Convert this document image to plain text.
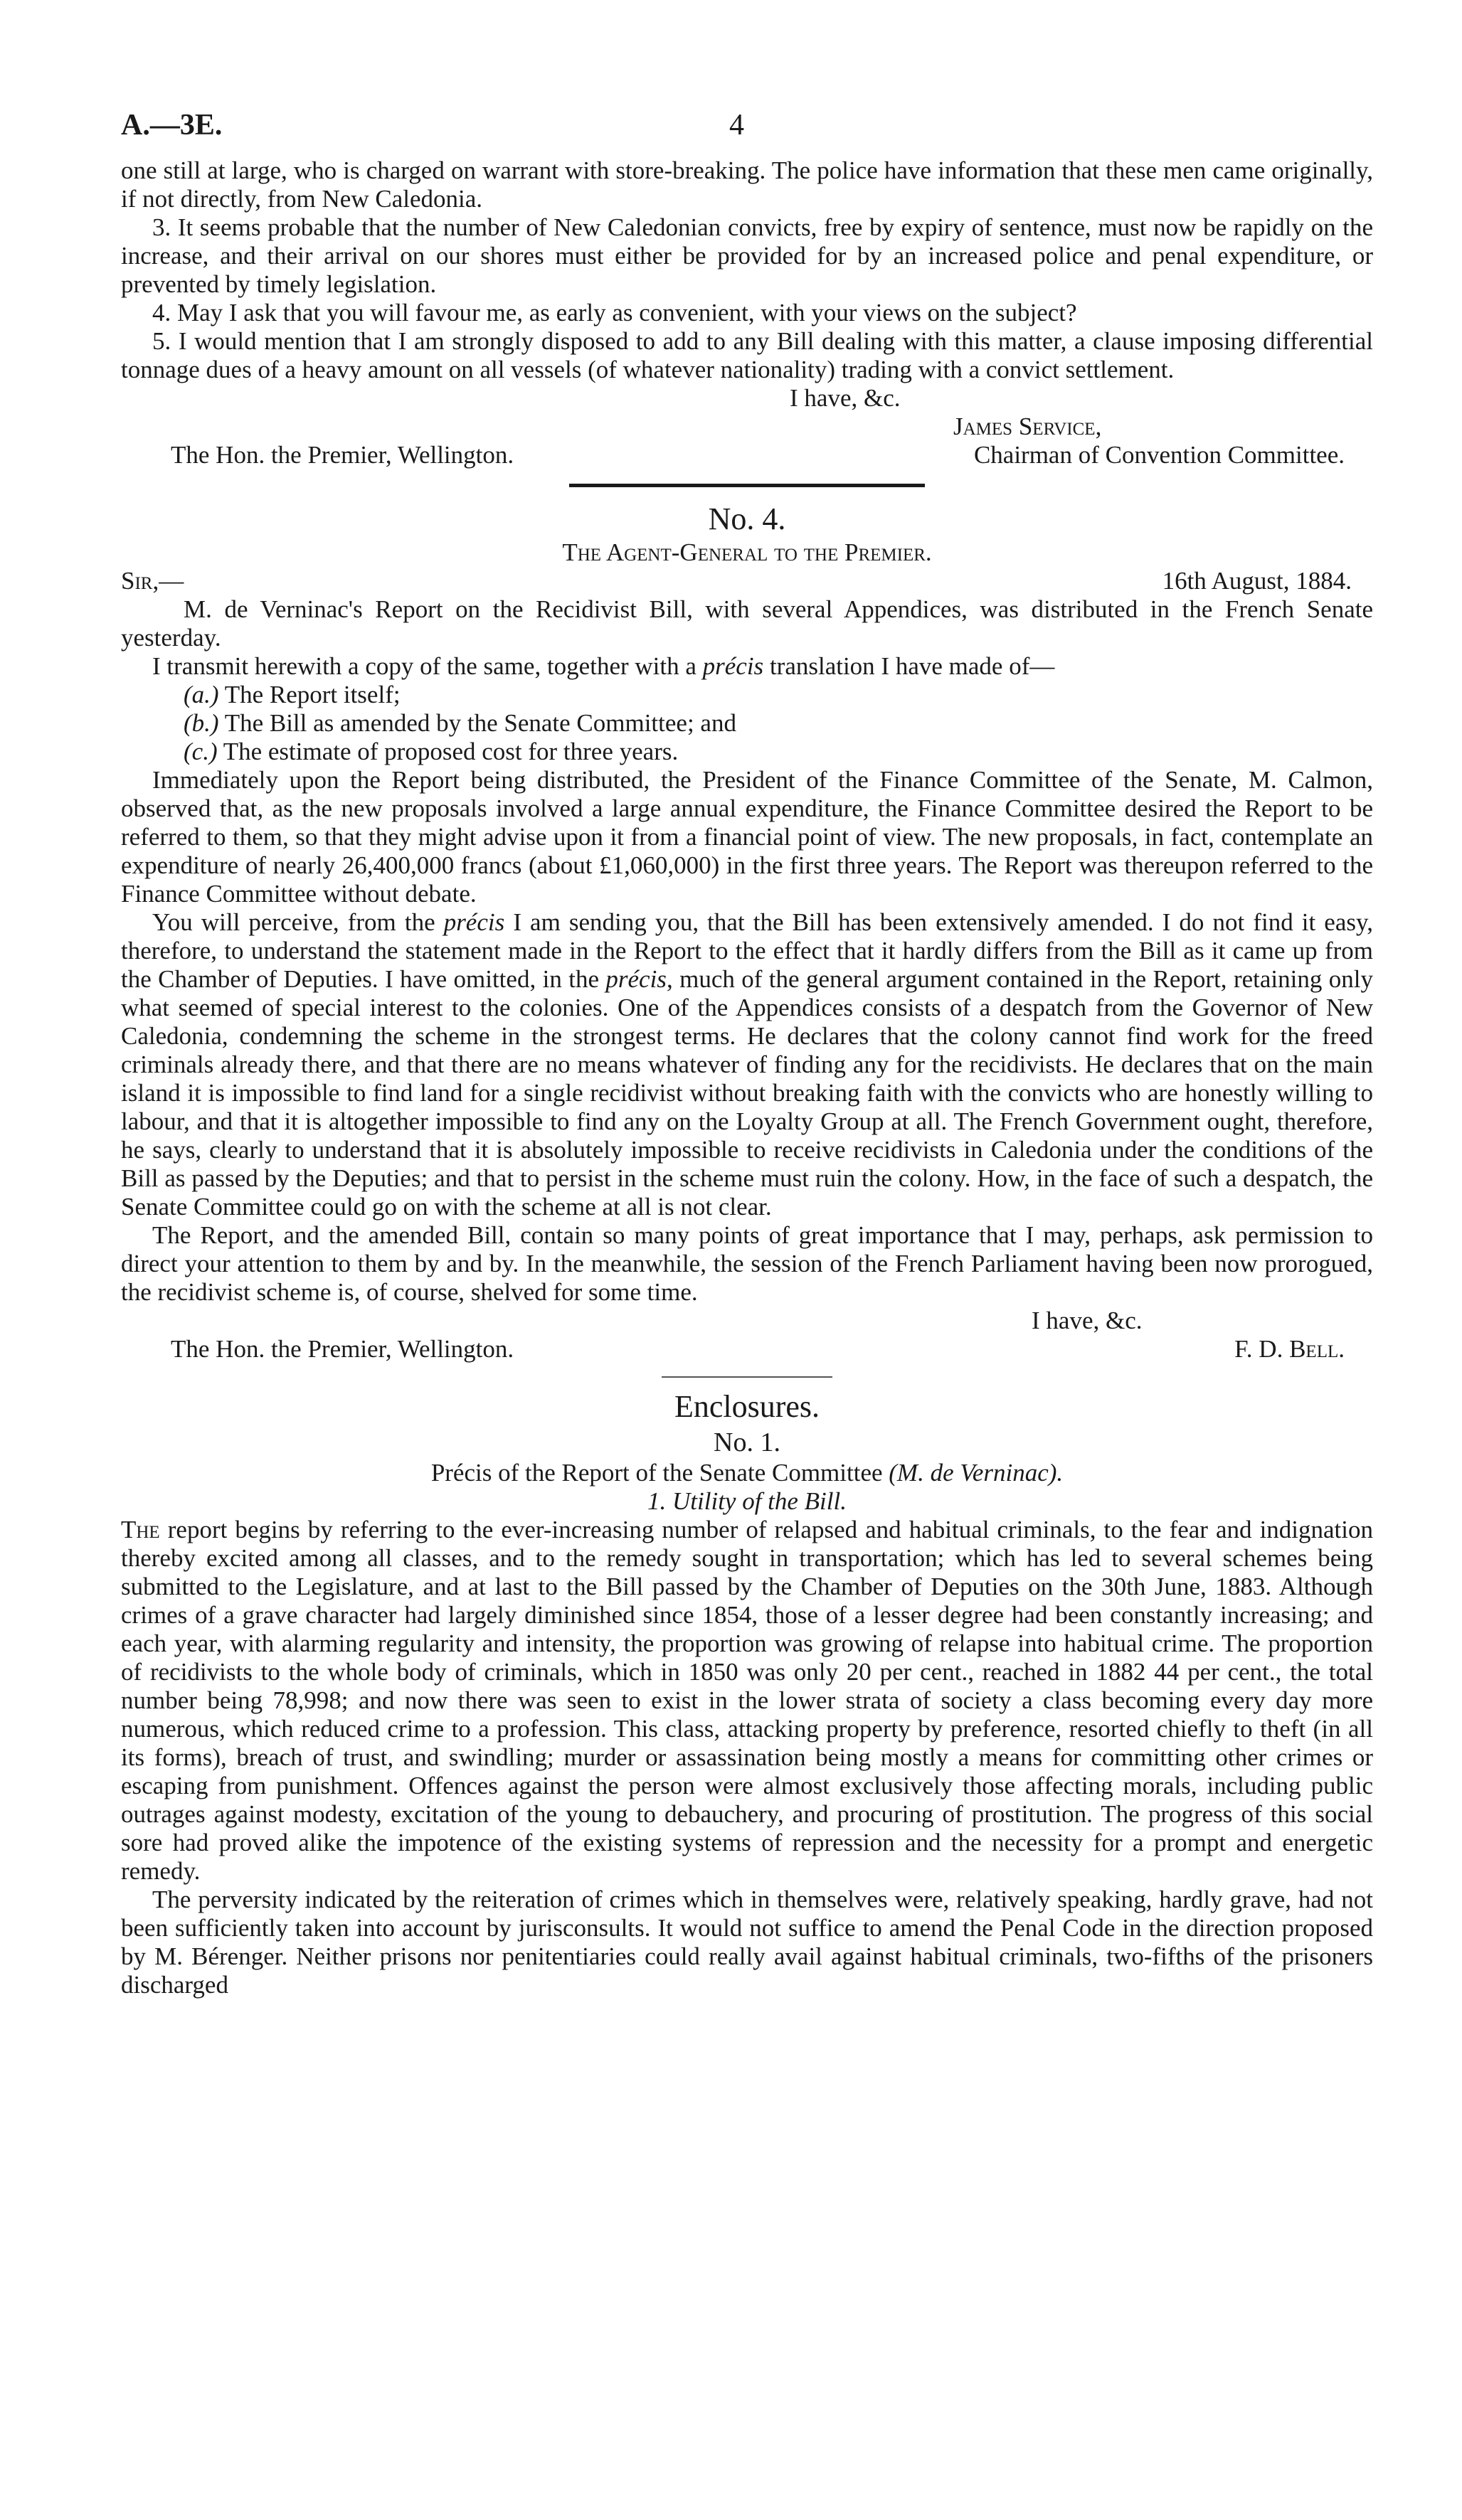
A.—3E.	4

one still at large, who is charged on warrant with store-breaking. The police have information that these men came originally, if not directly, from New Caledonia.

3. It seems probable that the number of New Caledonian convicts, free by expiry of sentence, must now be rapidly on the increase, and their arrival on our shores must either be provided for by an increased police and penal expenditure, or prevented by timely legislation.

4. May I ask that you will favour me, as early as convenient, with your views on the subject?

5. I would mention that I am strongly disposed to add to any Bill dealing with this matter, a clause imposing differential tonnage dues of a heavy amount on all vessels (of whatever nationality) trading with a convict settlement.

I have, &c.
James Service,
The Hon. the Premier, Wellington.	Chairman of Convention Committee.
No. 4.
The Agent-General to the Premier.
Sir,—	16th August, 1884.

M. de Verninac's Report on the Recidivist Bill, with several Appendices, was distributed in the French Senate yesterday.

I transmit herewith a copy of the same, together with a précis translation I have made of—

(a.) The Report itself;
(b.) The Bill as amended by the Senate Committee; and
(c.) The estimate of proposed cost for three years.

Immediately upon the Report being distributed, the President of the Finance Committee of the Senate, M. Calmon, observed that, as the new proposals involved a large annual expenditure, the Finance Committee desired the Report to be referred to them, so that they might advise upon it from a financial point of view. The new proposals, in fact, contemplate an expenditure of nearly 26,400,000 francs (about £1,060,000) in the first three years. The Report was thereupon referred to the Finance Committee without debate.

You will perceive, from the précis I am sending you, that the Bill has been extensively amended. I do not find it easy, therefore, to understand the statement made in the Report to the effect that it hardly differs from the Bill as it came up from the Chamber of Deputies. I have omitted, in the précis, much of the general argument contained in the Report, retaining only what seemed of special interest to the colonies. One of the Appendices consists of a despatch from the Governor of New Caledonia, condemning the scheme in the strongest terms. He declares that the colony cannot find work for the freed criminals already there, and that there are no means whatever of finding any for the recidivists. He declares that on the main island it is impossible to find land for a single recidivist without breaking faith with the convicts who are honestly willing to labour, and that it is altogether impossible to find any on the Loyalty Group at all. The French Government ought, therefore, he says, clearly to understand that it is absolutely impossible to receive recidivists in Caledonia under the conditions of the Bill as passed by the Deputies; and that to persist in the scheme must ruin the colony. How, in the face of such a despatch, the Senate Committee could go on with the scheme at all is not clear.

The Report, and the amended Bill, contain so many points of great importance that I may, perhaps, ask permission to direct your attention to them by and by. In the meanwhile, the session of the French Parliament having been now prorogued, the recidivist scheme is, of course, shelved for some time.

I have, &c.
The Hon. the Premier, Wellington.	F. D. Bell.
Enclosures.
No. 1.
Précis of the Report of the Senate Committee (M. de Verninac).
1. Utility of the Bill.

The report begins by referring to the ever-increasing number of relapsed and habitual criminals, to the fear and indignation thereby excited among all classes, and to the remedy sought in transportation; which has led to several schemes being submitted to the Legislature, and at last to the Bill passed by the Chamber of Deputies on the 30th June, 1883. Although crimes of a grave character had largely diminished since 1854, those of a lesser degree had been constantly increasing; and each year, with alarming regularity and intensity, the proportion was growing of relapse into habitual crime. The proportion of recidivists to the whole body of criminals, which in 1850 was only 20 per cent., reached in 1882 44 per cent., the total number being 78,998; and now there was seen to exist in the lower strata of society a class becoming every day more numerous, which reduced crime to a profession. This class, attacking property by preference, resorted chiefly to theft (in all its forms), breach of trust, and swindling; murder or assassination being mostly a means for committing other crimes or escaping from punishment. Offences against the person were almost exclusively those affecting morals, including public outrages against modesty, excitation of the young to debauchery, and procuring of prostitution. The progress of this social sore had proved alike the impotence of the existing systems of repression and the necessity for a prompt and energetic remedy.

The perversity indicated by the reiteration of crimes which in themselves were, relatively speaking, hardly grave, had not been sufficiently taken into account by jurisconsults. It would not suffice to amend the Penal Code in the direction proposed by M. Bérenger. Neither prisons nor penitentiaries could really avail against habitual criminals, two-fifths of the prisoners discharged
